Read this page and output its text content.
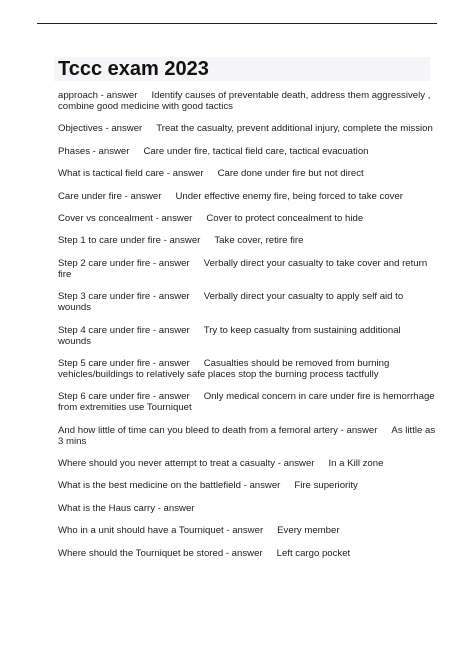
Tccc exam 2023
approach - answer Identify causes of preventable death, address them aggressively , combine good medicine with good tactics
Objectives - answer Treat the casualty, prevent additional injury, complete the mission
Phases - answer Care under fire, tactical field care, tactical evacuation
What is tactical field care - answer Care done under fire but not direct
Care under fire - answer Under effective enemy fire, being forced to take cover
Cover vs concealment - answer Cover to protect concealment to hide
Step 1 to care under fire - answer Take cover, retire fire
Step 2 care under fire - answer Verbally direct your casualty to take cover and return fire
Step 3 care under fire - answer Verbally direct your casualty to apply self aid to wounds
Step 4 care under fire - answer Try to keep casualty from sustaining additional wounds
Step 5 care under fire - answer Casualties should be removed from burning vehicles/buildings to relatively safe places stop the burning process tactfully
Step 6 care under fire - answer Only medical concern in care under fire is hemorrhage from extremities use Tourniquet
And how little of time can you bleed to death from a femoral artery - answer As little as 3 mins
Where should you never attempt to treat a casualty - answer In a Kill zone
What is the best medicine on the battlefield - answer Fire superiority
What is the Haus carry - answer
Who in a unit should have a Tourniquet - answer Every member
Where should the Tourniquet be stored - answer Left cargo pocket
